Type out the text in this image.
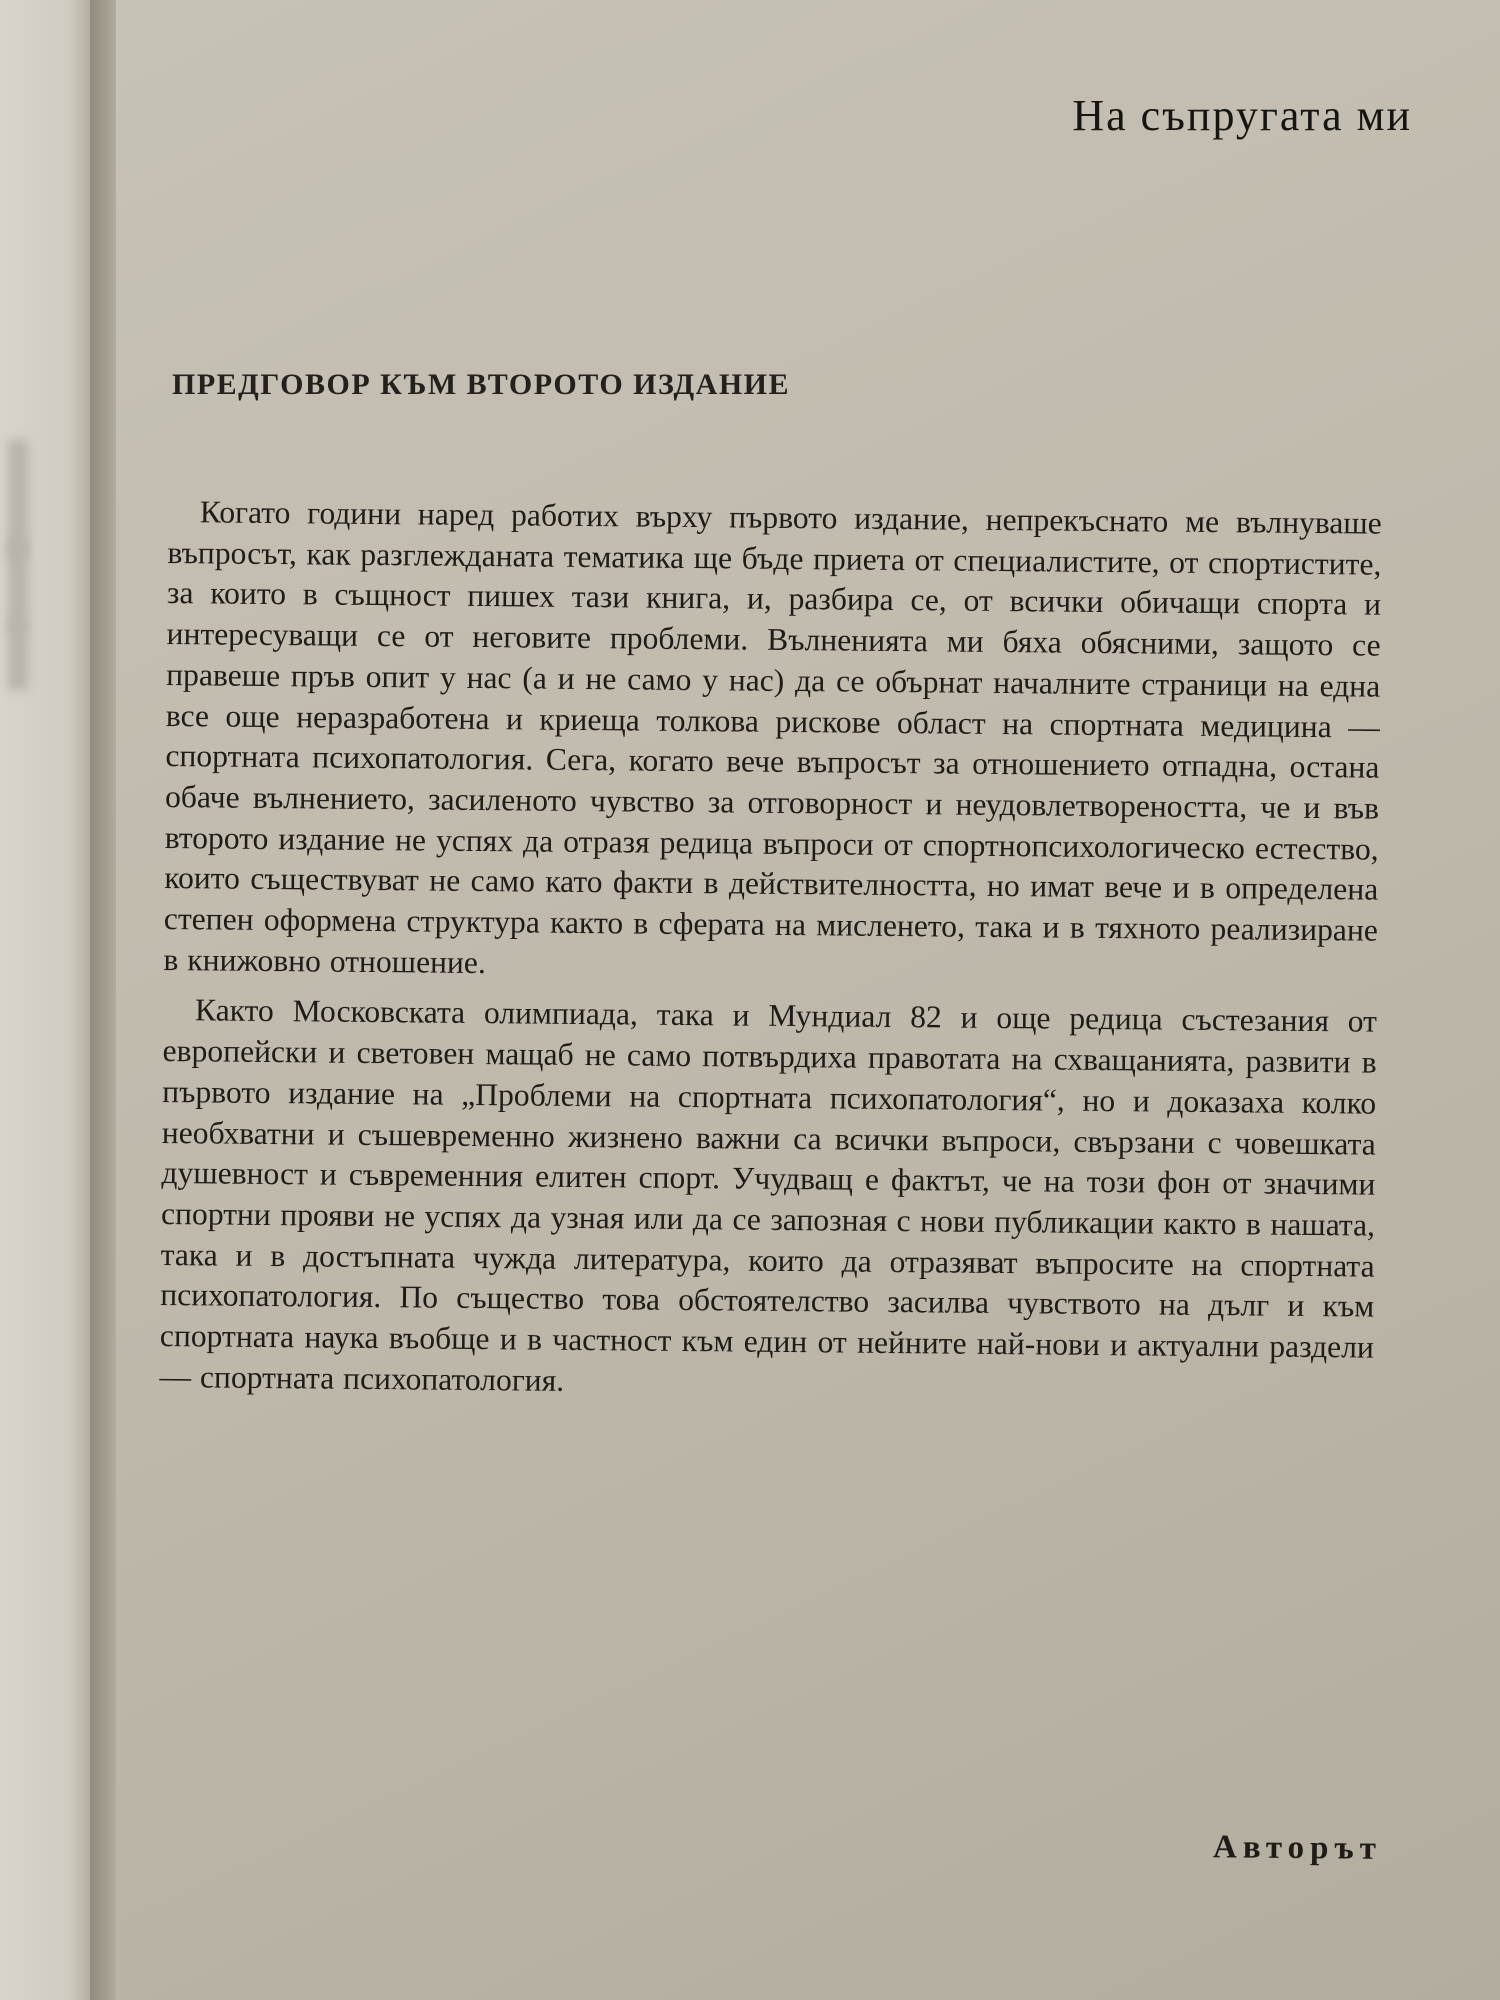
На съпругата ми

ПРЕДГОВОР КЪМ ВТОРОТО ИЗДАНИЕ

Когато години наред работих върху първото издание, непрекъснато ме вълнуваше въпросът, как разглежданата тематика ще бъде приета от специалистите, от спортистите, за които в същност пишех тази книга, и, разбира се, от всички обичащи спорта и интересуващи се от неговите проблеми. Вълненията ми бяха обясними, защото се правеше пръв опит у нас (а и не само у нас) да се обърнат началните страници на една все още неразработена и криеща толкова рискове област на спортната медицина — спортната психопатология. Сега, когато вече въпросът за отношението отпадна, остана обаче вълнението, засиленото чувство за отговорност и неудовлетвореността, че и във второто издание не успях да отразя редица въпроси от спортнопсихологическо естество, които съществуват не само като факти в действителността, но имат вече и в определена степен оформена структура както в сферата на мисленето, така и в тяхното реализиране в книжовно отношение.

Както Московската олимпиада, така и Мундиал 82 и още редица състезания от европейски и световен мащаб не само потвърдиха правотата на схващанията, развити в първото издание на „Проблеми на спортната психопатология“, но и доказаха колко необхватни и съшевременно жизнено важни са всички въпроси, свързани с човешката душевност и съвременния елитен спорт. Учудващ е фактът, че на този фон от значими спортни прояви не успях да узная или да се запозная с нови публикации както в нашата, така и в достъпната чужда литература, които да отразяват въпросите на спортната психопатология. По същество това обстоятелство засилва чувството на дълг и към спортната наука въобще и в частност към един от нейните най-нови и актуални раздели — спортната психопатология.

Авторът
